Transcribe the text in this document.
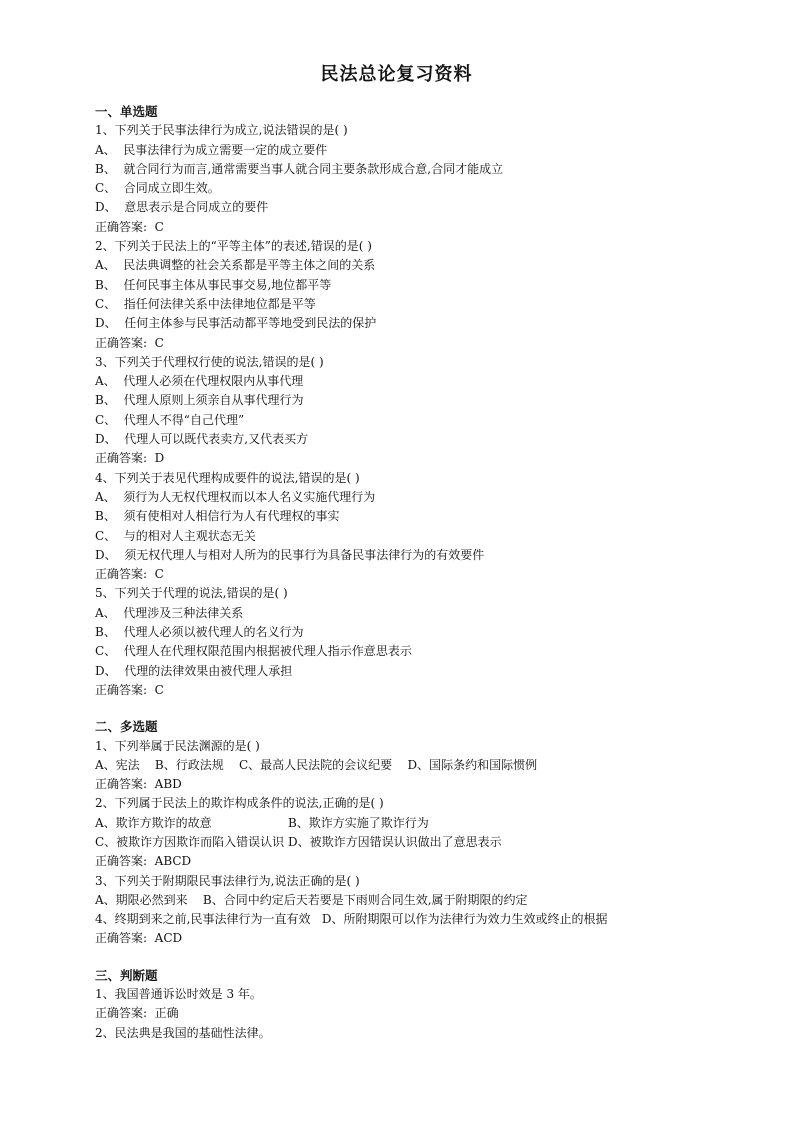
民法总论复习资料
一、单选题
1、下列关于民事法律行为成立,说法错误的是( )
A、  民事法律行为成立需要一定的成立要件
B、  就合同行为而言,通常需要当事人就合同主要条款形成合意,合同才能成立
C、  合同成立即生效。
D、  意思表示是合同成立的要件
正确答案:  C
2、下列关于民法上的“平等主体”的表述,错误的是( )
A、  民法典调整的社会关系都是平等主体之间的关系
B、  任何民事主体从事民事交易,地位都平等
C、  指任何法律关系中法律地位都是平等
D、  任何主体参与民事活动都平等地受到民法的保护
正确答案:  C
3、下列关于代理权行使的说法,错误的是( )
A、  代理人必须在代理权限内从事代理
B、  代理人原则上须亲自从事代理行为
C、  代理人不得“自己代理”
D、  代理人可以既代表卖方,又代表买方
正确答案:  D
4、下列关于表见代理构成要件的说法,错误的是( )
A、  须行为人无权代理权而以本人名义实施代理行为
B、  须有使相对人相信行为人有代理权的事实
C、  与的相对人主观状态无关
D、  须无权代理人与相对人所为的民事行为具备民事法律行为的有效要件
正确答案:  C
5、下列关于代理的说法,错误的是( )
A、  代理涉及三种法律关系
B、  代理人必须以被代理人的名义行为
C、  代理人在代理权限范围内根据被代理人指示作意思表示
D、  代理的法律效果由被代理人承担
正确答案:  C
二、多选题
1、下列举属于民法渊源的是( )
A、宪法    B、行政法规    C、最高人民法院的会议纪要    D、国际条约和国际惯例
正确答案:  ABD
2、下列属于民法上的欺诈构成条件的说法,正确的是( )
A、欺诈方欺诈的故意                    B、欺诈方实施了欺诈行为
C、被欺诈方因欺诈而陷入错误认识 D、被欺诈方因错误认识做出了意思表示
正确答案:  ABCD
3、下列关于附期限民事法律行为,说法正确的是( )
A、期限必然到来    B、合同中约定后天若要是下雨则合同生效,属于附期限的约定
4、终期到来之前,民事法律行为一直有效   D、所附期限可以作为法律行为效力生效或终止的根据
正确答案:  ACD
三、判断题
1、我国普通诉讼时效是 3 年。
正确答案:  正确
2、民法典是我国的基础性法律。
